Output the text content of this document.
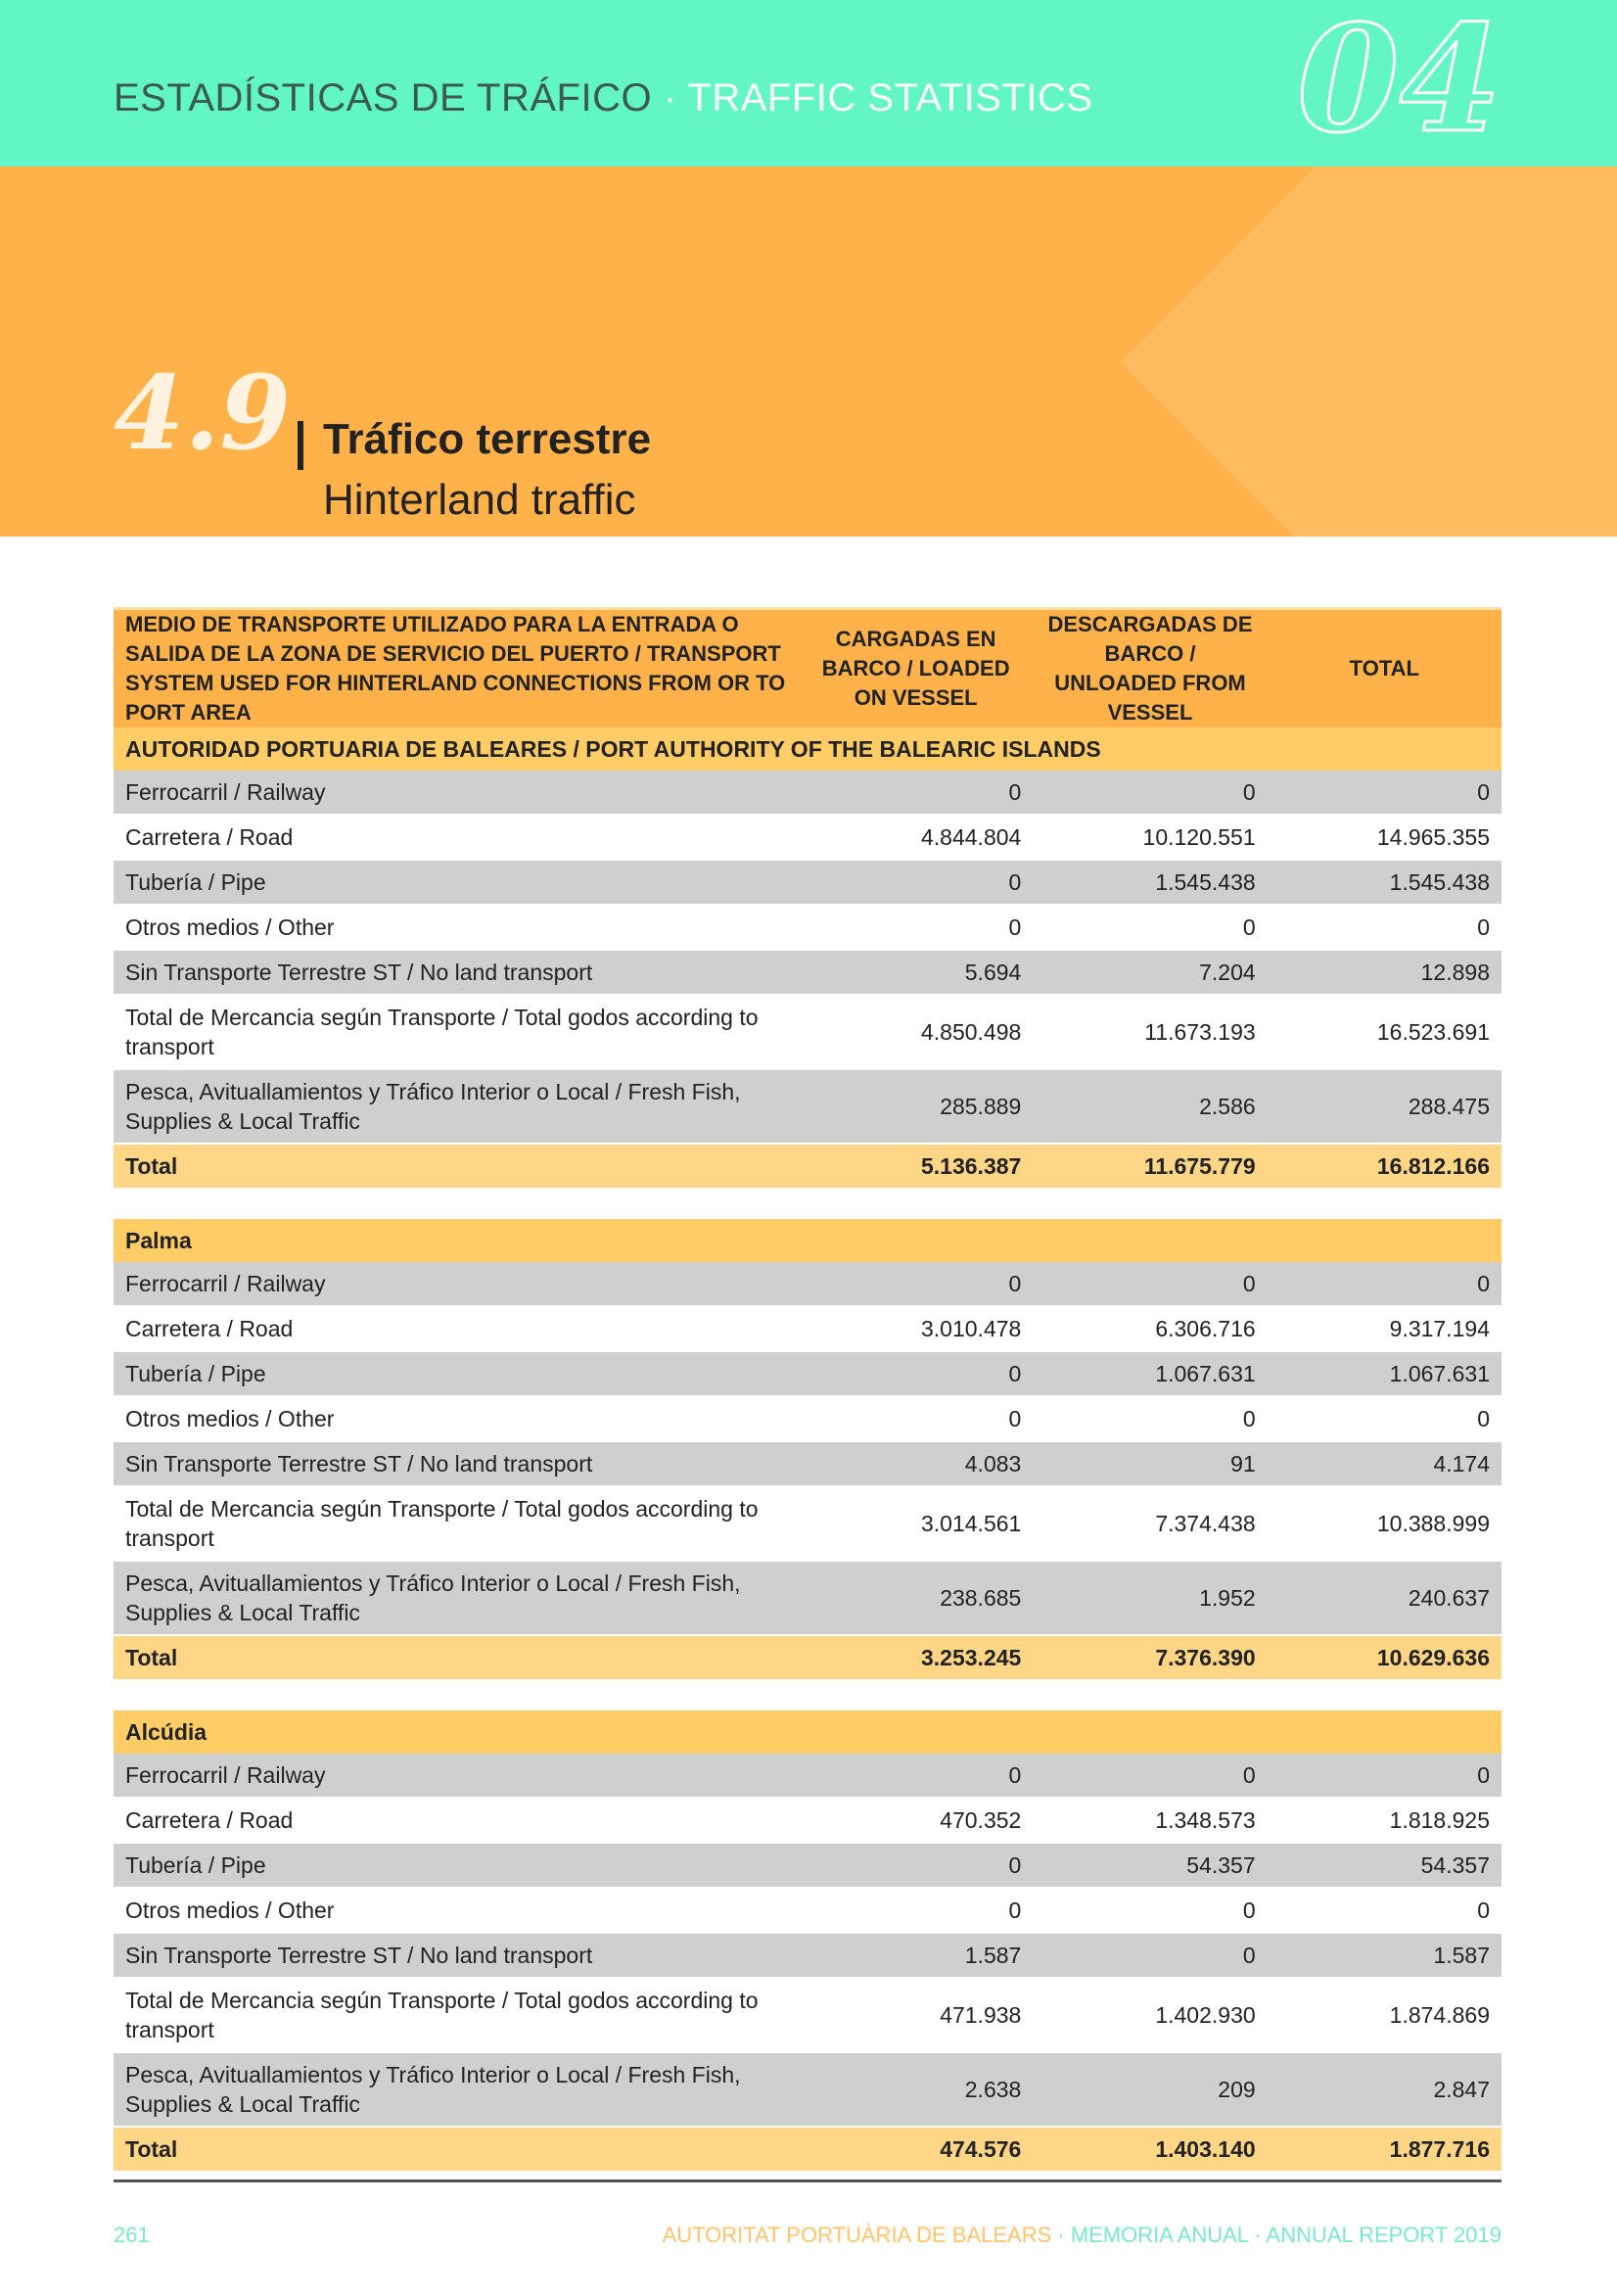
ESTADÍSTICAS DE TRÁFICO · TRAFFIC STATISTICS 04
4.9 Tráfico terrestre
Hinterland traffic
MEDIO DE TRANSPORTE UTILIZADO PARA LA ENTRADA O SALIDA DE LA ZONA DE SERVICIO DEL PUERTO / TRANSPORT SYSTEM USED FOR HINTERLAND CONNECTIONS FROM OR TO PORT AREA	CARGADAS EN BARCO / LOADED ON VESSEL	DESCARGADAS DE BARCO / UNLOADED FROM VESSEL	TOTAL
AUTORIDAD PORTUARIA DE BALEARES / PORT AUTHORITY OF THE BALEARIC ISLANDS			
Ferrocarril / Railway	0	0	0
Carretera / Road	4.844.804	10.120.551	14.965.355
Tubería / Pipe	0	1.545.438	1.545.438
Otros medios / Other	0	0	0
Sin Transporte Terrestre ST / No land transport	5.694	7.204	12.898
Total de Mercancia según Transporte / Total godos according to transport	4.850.498	11.673.193	16.523.691
Pesca, Avituallamientos y Tráfico Interior o Local / Fresh Fish, Supplies & Local Traffic	285.889	2.586	288.475
Total	5.136.387	11.675.779	16.812.166

Palma			
Ferrocarril / Railway	0	0	0
Carretera / Road	3.010.478	6.306.716	9.317.194
Tubería / Pipe	0	1.067.631	1.067.631
Otros medios / Other	0	0	0
Sin Transporte Terrestre ST / No land transport	4.083	91	4.174
Total de Mercancia según Transporte / Total godos according to transport	3.014.561	7.374.438	10.388.999
Pesca, Avituallamientos y Tráfico Interior o Local / Fresh Fish, Supplies & Local Traffic	238.685	1.952	240.637
Total	3.253.245	7.376.390	10.629.636

Alcúdia			
Ferrocarril / Railway	0	0	0
Carretera / Road	470.352	1.348.573	1.818.925
Tubería / Pipe	0	54.357	54.357
Otros medios / Other	0	0	0
Sin Transporte Terrestre ST / No land transport	1.587	0	1.587
Total de Mercancia según Transporte / Total godos according to transport	471.938	1.402.930	1.874.869
Pesca, Avituallamientos y Tráfico Interior o Local / Fresh Fish, Supplies & Local Traffic	2.638	209	2.847
Total	474.576	1.403.140	1.877.716
261	AUTORITAT PORTUÀRIA DE BALEARS · MEMORIA ANUAL · ANNUAL REPORT 2019
